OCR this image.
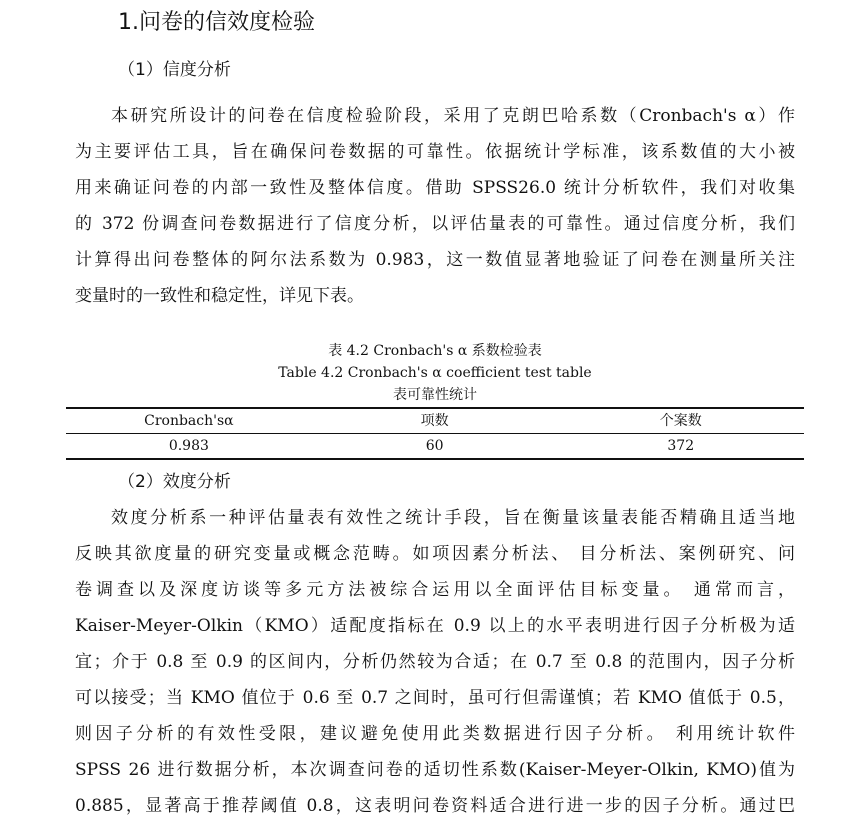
1.问卷的信效度检验
（1）信度分析
本研究所设计的问卷在信度检验阶段，采用了克朗巴哈系数（Cronbach's α）作
为主要评估工具，旨在确保问卷数据的可靠性。依据统计学标准，该系数值的大小被
用来确证问卷的内部一致性及整体信度。借助 SPSS26.0 统计分析软件，我们对收集
的 372 份调查问卷数据进行了信度分析，以评估量表的可靠性。通过信度分析，我们
计算得出问卷整体的阿尔法系数为 0.983，这一数值显著地验证了问卷在测量所关注
变量时的一致性和稳定性，详见下表。
表 4.2 Cronbach's α 系数检验表
Table 4.2 Cronbach's α coefficient test table
表可靠性统计
Cronbach'sα	项数	个案数
0.983	60	372
（2）效度分析
效度分析系一种评估量表有效性之统计手段，旨在衡量该量表能否精确且适当地
反映其欲度量的研究变量或概念范畴。如项因素分析法、 目分析法、案例研究、问
卷调查以及深度访谈等多元方法被综合运用以全面评估目标变量。 通常而言，
Kaiser-Meyer-Olkin（KMO）适配度指标在 0.9 以上的水平表明进行因子分析极为适
宜；介于 0.8 至 0.9 的区间内，分析仍然较为合适；在 0.7 至 0.8 的范围内，因子分析
可以接受；当 KMO 值位于 0.6 至 0.7 之间时，虽可行但需谨慎；若 KMO 值低于 0.5，
则因子分析的有效性受限，建议避免使用此类数据进行因子分析。 利用统计软件
SPSS 26 进行数据分析，本次调查问卷的适切性系数(Kaiser-Meyer-Olkin, KMO)值为
0.885，显著高于推荐阈值 0.8，这表明问卷资料适合进行进一步的因子分析。通过巴
